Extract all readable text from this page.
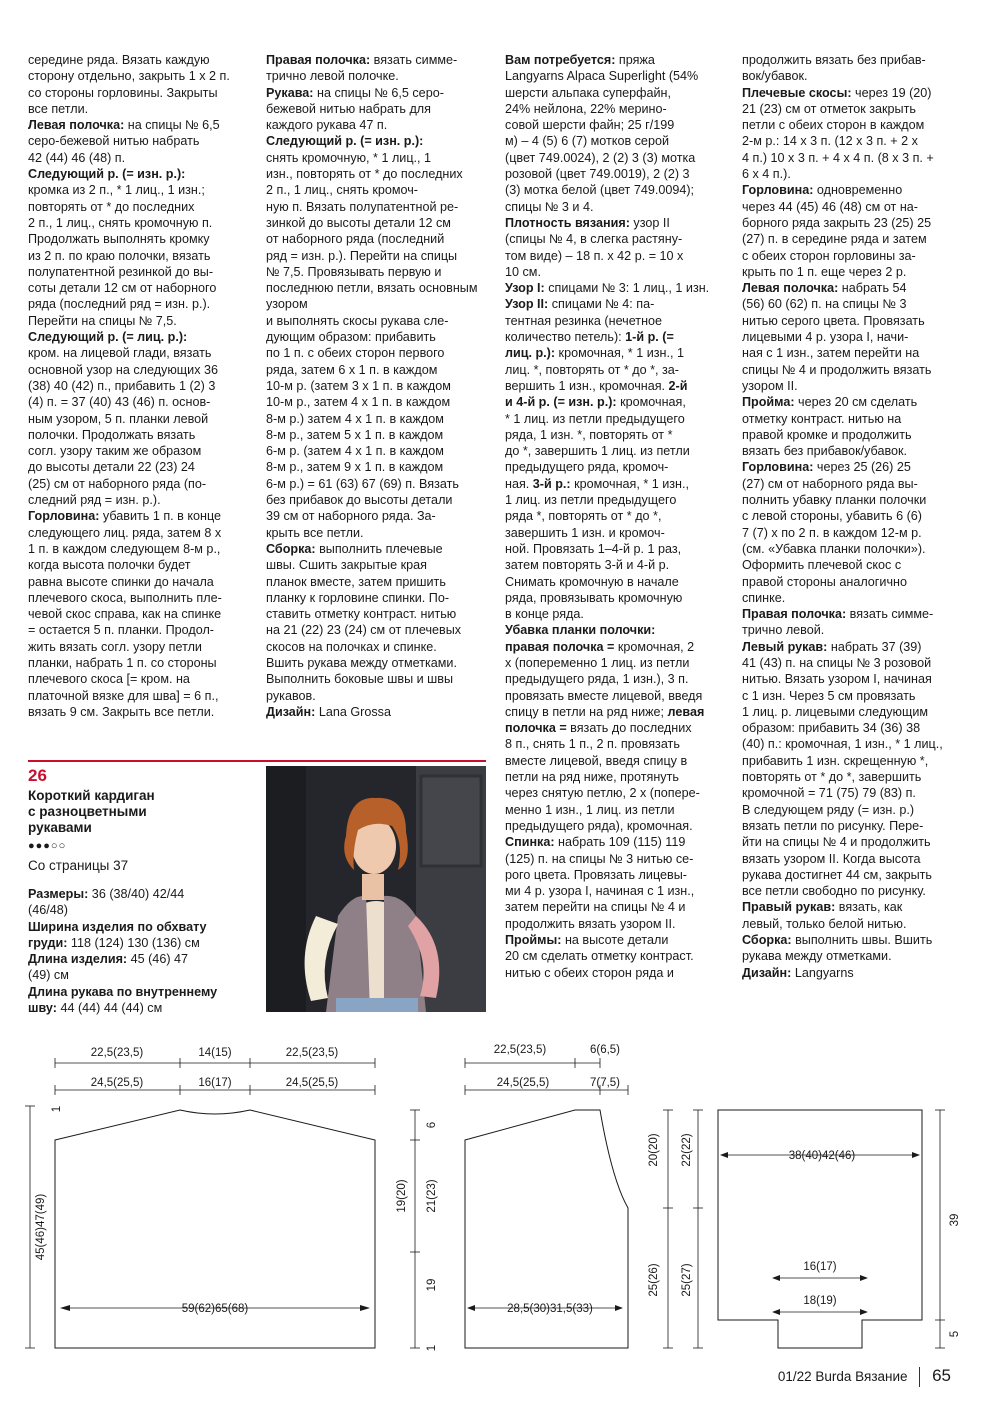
середине ряда. Вязать каждую
сторону отдельно, закрыть 1 х 2 п.
со стороны горловины. Закрыты
все петли.
Левая полочка: на спицы № 6,5
серо-бежевой нитью набрать
42 (44) 46 (48) п.
Следующий р. (= изн. р.):
кромка из 2 п., * 1 лиц., 1 изн.;
повторять от * до последних
2 п., 1 лиц., снять кромочную п.
Продолжать выполнять кромку
из 2 п. по краю полочки, вязать
полупатентной резинкой до вы-
соты детали 12 см от наборного
ряда (последний ряд = изн. р.).
Перейти на спицы № 7,5.
Следующий р. (= лиц. р.):
кром. на лицевой глади, вязать
основной узор на следующих 36
(38) 40 (42) п., прибавить 1 (2) 3
(4) п. = 37 (40) 43 (46) п. основ-
ным узором, 5 п. планки левой
полочки. Продолжать вязать
согл. узору таким же образом
до высоты детали 22 (23) 24
(25) см от наборного ряда (по-
следний ряд = изн. р.).
Горловина: убавить 1 п. в конце
следующего лиц. ряда, затем 8 х
1 п. в каждом следующем 8-м р.,
когда высота полочки будет
равна высоте спинки до начала
плечевого скоса, выполнить пле-
чевой скос справа, как на спинке
= остается 5 п. планки. Продол-
жить вязать согл. узору петли
планки, набрать 1 п. со стороны
плечевого скоса [= кром. на
платочной вязке для шва] = 6 п.,
вязать 9 см. Закрыть все петли.

Правая полочка: вязать симме-
трично левой полочке.
Рукава: на спицы № 6,5 серо-
бежевой нитью набрать для
каждого рукава 47 п.
Следующий р. (= изн. р.):
снять кромочную, * 1 лиц., 1
изн., повторять от * до последних
2 п., 1 лиц., снять кромоч-
ную п. Вязать полупатентной ре-
зинкой до высоты детали 12 см
от наборного ряда (последний
ряд = изн. р.). Перейти на спицы
№ 7,5. Провязывать первую и
последнюю петли, вязать основным узором
и выполнять скосы рукава сле-
дующим образом: прибавить
по 1 п. с обеих сторон первого
ряда, затем 6 х 1 п. в каждом
10-м р. (затем 3 х 1 п. в каждом
10-м р., затем 4 х 1 п. в каждом
8-м р.) затем 4 х 1 п. в каждом
8-м р., затем 5 х 1 п. в каждом
6-м р. (затем 4 х 1 п. в каждом
8-м р., затем 9 х 1 п. в каждом
6-м р.) = 61 (63) 67 (69) п. Вязать
без прибавок до высоты детали
39 см от наборного ряда. За-
крыть все петли.
Сборка: выполнить плечевые
швы. Сшить закрытые края
планок вместе, затем пришить
планку к горловине спинки. По-
ставить отметку контраст. нитью
на 21 (22) 23 (24) см от плечевых
скосов на полочках и спинке.
Вшить рукава между отметками.
Выполнить боковые швы и швы
рукавов.
Дизайн: Lana Grossa

Вам потребуется: пряжа
Langyarns Alpaca Superlight (54%
шерсти альпака суперфайн,
24% нейлона, 22% мерино-
совой шерсти файн; 25 г/199
м) – 4 (5) 6 (7) мотков серой
(цвет 749.0024), 2 (2) 3 (3) мотка
розовой (цвет 749.0019), 2 (2) 3
(3) мотка белой (цвет 749.0094);
спицы № 3 и 4.
Плотность вязания: узор II
(спицы № 4, в слегка растяну-
том виде) – 18 п. х 42 р. = 10 х
10 см.
Узор I: спицами № 3: 1 лиц., 1 изн.
Узор II: спицами № 4: па-
тентная резинка (нечетное
количество петель): 1-й р. (=
лиц. р.): кромочная, * 1 изн., 1
лиц. *, повторять от * до *, за-
вершить 1 изн., кромочная. 2-й
и 4-й р. (= изн. р.): кромочная,
* 1 лиц. из петли предыдущего
ряда, 1 изн. *, повторять от *
до *, завершить 1 лиц. из петли
предыдущего ряда, кромоч-
ная. 3-й р.: кромочная, * 1 изн.,
1 лиц. из петли предыдущего
ряда *, повторять от * до *,
завершить 1 изн. и кромоч-
ной. Провязать 1–4-й р. 1 раз,
затем повторять 3-й и 4-й р.
Снимать кромочную в начале
ряда, провязывать кромочную
в конце ряда.
Убавка планки полочки:
правая полочка = кромочная, 2
х (попеременно 1 лиц. из петли
предыдущего ряда, 1 изн.), 3 п.
провязать вместе лицевой, введя
спицу в петли на ряд ниже; левая
полочка = вязать до последних
8 п., снять 1 п., 2 п. провязать
вместе лицевой, введя спицу в
петли на ряд ниже, протянуть
через снятую петлю, 2 х (попере-
менно 1 изн., 1 лиц. из петли
предыдущего ряда), кромочная.
Спинка: набрать 109 (115) 119
(125) п. на спицы № 3 нитью се-
рого цвета. Провязать лицевы-
ми 4 р. узора I, начиная с 1 изн.,
затем перейти на спицы № 4 и
продолжить вязать узором II.
Проймы: на высоте детали
20 см сделать отметку контраст.
нитью с обеих сторон ряда и

продолжить вязать без прибав-
вок/убавок.
Плечевые скосы: через 19 (20)
21 (23) см от отметок закрыть
петли с обеих сторон в каждом
2-м р.: 14 х 3 п. (12 х 3 п. + 2 х
4 п.) 10 х 3 п. + 4 х 4 п. (8 х 3 п. +
6 х 4 п.).
Горловина: одновременно
через 44 (45) 46 (48) см от на-
борного ряда закрыть 23 (25) 25
(27) п. в середине ряда и затем
с обеих сторон горловины за-
крыть по 1 п. еще через 2 р.
Левая полочка: набрать 54
(56) 60 (62) п. на спицы № 3
нитью серого цвета. Провязать
лицевыми 4 р. узора I, начи-
ная с 1 изн., затем перейти на
спицы № 4 и продолжить вязать
узором II.
Пройма: через 20 см сделать
отметку контраст. нитью на
правой кромке и продолжить
вязать без прибавок/убавок.
Горловина: через 25 (26) 25
(27) см от наборного ряда вы-
полнить убавку планки полочки
с левой стороны, убавить 6 (6)
7 (7) х по 2 п. в каждом 12-м р.
(см. «Убавка планки полочки»).
Оформить плечевой скос с
правой стороны аналогично
спинке.
Правая полочка: вязать симме-
трично левой.
Левый рукав: набрать 37 (39)
41 (43) п. на спицы № 3 розовой
нитью. Вязать узором I, начиная
с 1 изн. Через 5 см провязать
1 лиц. р. лицевыми следующим
образом: прибавить 34 (36) 38
(40) п.: кромочная, 1 изн., * 1 лиц.,
прибавить 1 изн. скрещенную *,
повторять от * до *, завершить
кромочной = 71 (75) 79 (83) п.
В следующем ряду (= изн. р.)
вязать петли по рисунку. Пере-
йти на спицы № 4 и продолжить
вязать узором II. Когда высота
рукава достигнет 44 см, закрыть
все петли свободно по рисунку.
Правый рукав: вязать, как
левый, только белой нитью.
Сборка: выполнить швы. Вшить
рукава между отметками.
Дизайн: Langyarns

26
Короткий кардиган
с разноцветными
рукавами
●●●○○
Со страницы 37

Размеры: 36 (38/40) 42/44
(46/48)

Ширина изделия по обхвату
груди: 118 (124) 130 (136) см

Длина изделия: 45 (46) 47
(49) см

Длина рукава по внутреннему
шву: 44 (44) 44 (44) см

22,5(23,5)	14(15)	22,5(23,5)
24,5(25,5)	16(17)	24,5(25,5)
1
45(46)47(49)
59(62)65(68)
19(20) 21(23)
6
19
1
22,5(23,5)	6(6,5)
24,5(25,5)	7(7,5)
28,5(30)31,5(33)
20(20) 22(22)
25(26) 25(27)
38(40)42(46)
16(17)
18(19)
39
5
01/22 Burda Вязание 65
